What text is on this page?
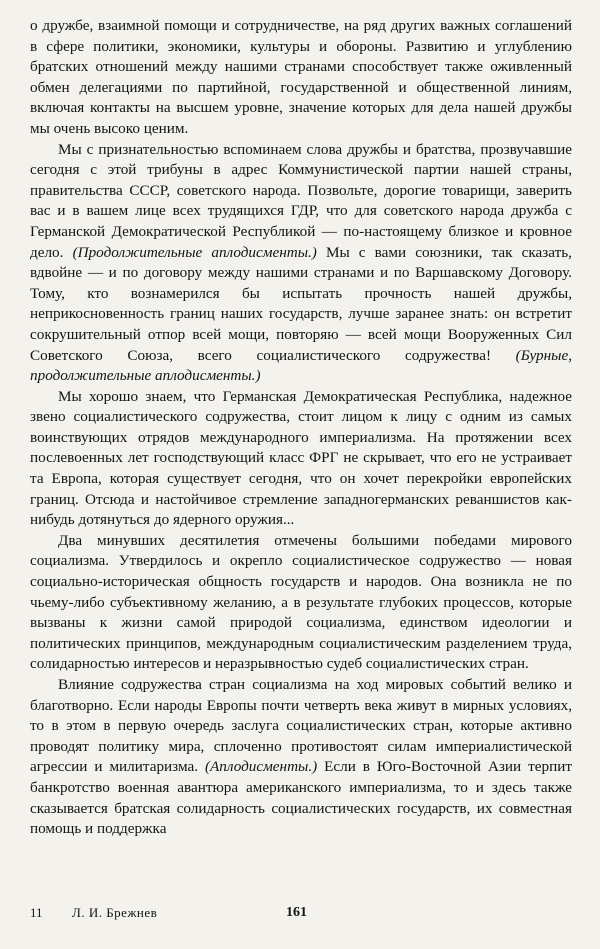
о дружбе, взаимной помощи и сотрудничестве, на ряд других важных соглашений в сфере политики, экономики, культуры и обороны. Развитию и углублению братских отношений между нашими странами способствует также оживленный обмен делегациями по партийной, государственной и общественной линиям, включая контакты на высшем уровне, значение которых для дела нашей дружбы мы очень высоко ценим.

Мы с признательностью вспоминаем слова дружбы и братства, прозвучавшие сегодня с этой трибуны в адрес Коммунистической партии нашей страны, правительства СССР, советского народа. Позвольте, дорогие товарищи, заверить вас и в вашем лице всех трудящихся ГДР, что для советского народа дружба с Германской Демократической Республикой — по-настоящему близкое и кровное дело. (Продолжительные аплодисменты.) Мы с вами союзники, так сказать, вдвойне — и по договору между нашими странами и по Варшавскому Договору. Тому, кто вознамерился бы испытать прочность нашей дружбы, неприкосновенность границ наших государств, лучше заранее знать: он встретит сокрушительный отпор всей мощи, повторяю — всей мощи Вооруженных Сил Советского Союза, всего социалистического содружества! (Бурные, продолжительные аплодисменты.)

Мы хорошо знаем, что Германская Демократическая Республика, надежное звено социалистического содружества, стоит лицом к лицу с одним из самых воинствующих отрядов международного империализма. На протяжении всех послевоенных лет господствующий класс ФРГ не скрывает, что его не устраивает та Европа, которая существует сегодня, что он хочет перекройки европейских границ. Отсюда и настойчивое стремление западногерманских реваншистов как-нибудь дотянуться до ядерного оружия...

Два минувших десятилетия отмечены большими победами мирового социализма. Утвердилось и окрепло социалистическое содружество — новая социально-историческая общность государств и народов. Она возникла не по чьему-либо субъективному желанию, а в результате глубоких процессов, которые вызваны к жизни самой природой социализма, единством идеологии и политических принципов, международным социалистическим разделением труда, солидарностью интересов и неразрывностью судеб социалистических стран.

Влияние содружества стран социализма на ход мировых событий велико и благотворно. Если народы Европы почти четверть века живут в мирных условиях, то в этом в первую очередь заслуга социалистических стран, которые активно проводят политику мира, сплоченно противостоят силам империалистической агрессии и милитаризма. (Аплодисменты.) Если в Юго-Восточной Азии терпит банкротство военная авантюра американского империализма, то и здесь также сказывается братская солидарность социалистических государств, их совместная помощь и поддержка

11 Л. И. Брежнев	161
